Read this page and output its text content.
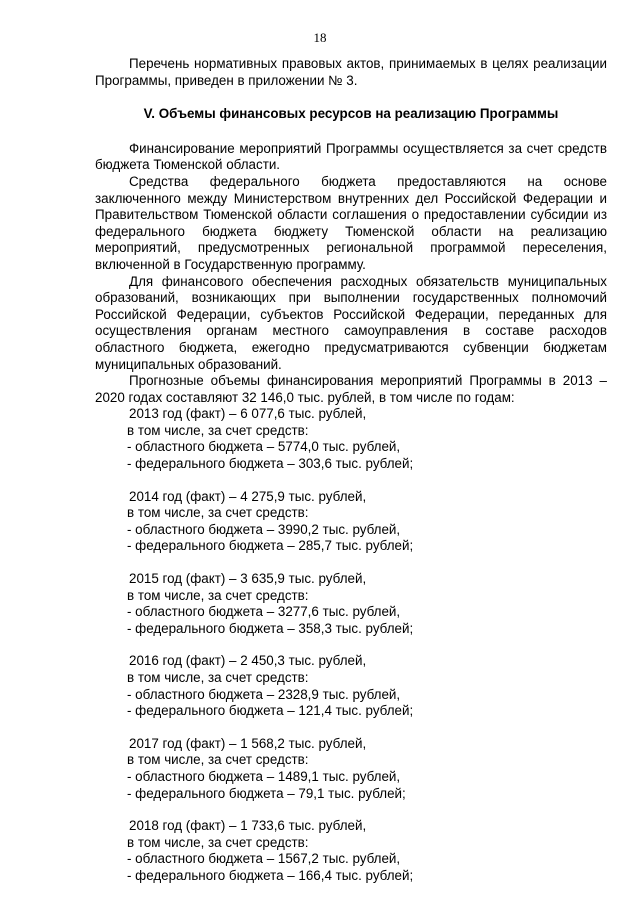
18

Перечень нормативных правовых актов, принимаемых в целях реализации Программы, приведен в приложении № 3.

V. Объемы финансовых ресурсов на реализацию Программы

Финансирование мероприятий Программы осуществляется за счет средств бюджета Тюменской области.

Средства федерального бюджета предоставляются на основе заключенного между Министерством внутренних дел Российской Федерации и Правительством Тюменской области соглашения о предоставлении субсидии из федерального бюджета бюджету Тюменской области на реализацию мероприятий, предусмотренных региональной программой переселения, включенной в Государственную программу.

Для финансового обеспечения расходных обязательств муниципальных образований, возникающих при выполнении государственных полномочий Российской Федерации, субъектов Российской Федерации, переданных для осуществления органам местного самоуправления в составе расходов областного бюджета, ежегодно предусматриваются субвенции бюджетам муниципальных образований.

Прогнозные объемы финансирования мероприятий Программы в 2013 – 2020 годах составляют 32 146,0 тыс. рублей, в том числе по годам:

2013 год (факт) – 6 077,6 тыс. рублей,
в том числе, за счет средств:
- областного бюджета – 5774,0 тыс. рублей,
- федерального бюджета – 303,6 тыс. рублей;
2014 год (факт) – 4 275,9 тыс. рублей,
в том числе, за счет средств:
- областного бюджета – 3990,2 тыс. рублей,
- федерального бюджета – 285,7 тыс. рублей;
2015 год (факт) – 3 635,9 тыс. рублей,
в том числе, за счет средств:
- областного бюджета – 3277,6 тыс. рублей,
- федерального бюджета – 358,3 тыс. рублей;
2016 год (факт) – 2 450,3 тыс. рублей,
в том числе, за счет средств:
- областного бюджета – 2328,9 тыс. рублей,
- федерального бюджета – 121,4 тыс. рублей;
2017 год (факт) – 1 568,2 тыс. рублей,
в том числе, за счет средств:
- областного бюджета – 1489,1 тыс. рублей,
- федерального бюджета – 79,1 тыс. рублей;
2018 год (факт) – 1 733,6 тыс. рублей,
в том числе, за счет средств:
- областного бюджета – 1567,2 тыс. рублей,
- федерального бюджета – 166,4 тыс. рублей;
